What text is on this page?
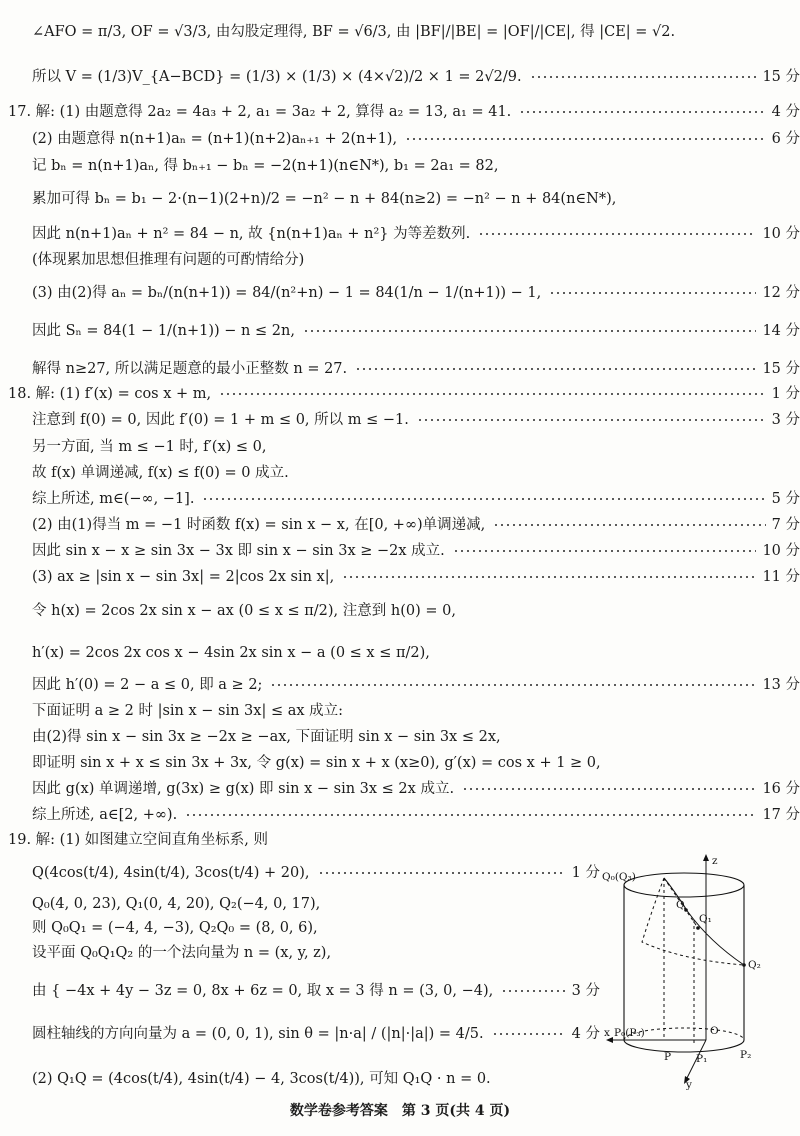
∠AFO = π/3, OF = √3/3, 由勾股定理得, BF = √6/3, 由 |BF|/|BE| = |OF|/|CE|, 得 |CE| = √2.
所以 V = (1/3)V_{A−BCD} = (1/3) × (1/3) × (4×√2)/2 × 1 = 2√2/9.	15 分
17. 解: (1) 由题意得 2a₂ = 4a₃ + 2, a₁ = 3a₂ + 2, 算得 a₂ = 13, a₁ = 41.	4 分
(2) 由题意得 n(n+1)aₙ = (n+1)(n+2)aₙ₊₁ + 2(n+1),	6 分
记 bₙ = n(n+1)aₙ, 得 bₙ₊₁ − bₙ = −2(n+1)(n∈N*), b₁ = 2a₁ = 82,
累加可得 bₙ = b₁ − 2·(n−1)(2+n)/2 = −n² − n + 84(n≥2) = −n² − n + 84(n∈N*),
因此 n(n+1)aₙ + n² = 84 − n, 故 {n(n+1)aₙ + n²} 为等差数列.	10 分
(体现累加思想但推理有问题的可酌情给分)
(3) 由(2)得 aₙ = bₙ/(n(n+1)) = 84/(n²+n) − 1 = 84(1/n − 1/(n+1)) − 1,	12 分
因此 Sₙ = 84(1 − 1/(n+1)) − n ≤ 2n,	14 分
解得 n≥27, 所以满足题意的最小正整数 n = 27.	15 分
18. 解: (1) f′(x) = cos x + m,	1 分
注意到 f(0) = 0, 因此 f′(0) = 1 + m ≤ 0, 所以 m ≤ −1.	3 分
另一方面, 当 m ≤ −1 时, f′(x) ≤ 0,
故 f(x) 单调递减, f(x) ≤ f(0) = 0 成立.
综上所述, m∈(−∞, −1].	5 分
(2) 由(1)得当 m = −1 时函数 f(x) = sin x − x, 在[0, +∞)单调递减,	7 分
因此 sin x − x ≥ sin 3x − 3x 即 sin x − sin 3x ≥ −2x 成立.	10 分
(3) ax ≥ |sin x − sin 3x| = 2|cos 2x sin x|,	11 分
令 h(x) = 2cos 2x sin x − ax (0 ≤ x ≤ π/2), 注意到 h(0) = 0,
h′(x) = 2cos 2x cos x − 4sin 2x sin x − a (0 ≤ x ≤ π/2),
因此 h′(0) = 2 − a ≤ 0, 即 a ≥ 2;	13 分
下面证明 a ≥ 2 时 |sin x − sin 3x| ≤ ax 成立:
由(2)得 sin x − sin 3x ≥ −2x ≥ −ax, 下面证明 sin x − sin 3x ≤ 2x,
即证明 sin x + x ≤ sin 3x + 3x, 令 g(x) = sin x + x (x≥0), g′(x) = cos x + 1 ≥ 0,
因此 g(x) 单调递增, g(3x) ≥ g(x) 即 sin x − sin 3x ≤ 2x 成立.	16 分
综上所述, a∈[2, +∞).	17 分
19. 解: (1) 如图建立空间直角坐标系, 则
Q(4cos(t/4), 4sin(t/4), 3cos(t/4) + 20),	1 分
Q₀(4, 0, 23), Q₁(0, 4, 20), Q₂(−4, 0, 17),
则 Q₀Q₁ = (−4, 4, −3), Q₂Q₀ = (8, 0, 6),
设平面 Q₀Q₁Q₂ 的一个法向量为 n = (x, y, z),
由 { −4x + 4y − 3z = 0, 8x + 6z = 0, 取 x = 3 得 n = (3, 0, −4),	3 分
圆柱轴线的方向向量为 a = (0, 0, 1), sin θ = |n·a| / (|n|·|a|) = 4/5.	4 分
(2) Q₁Q = (4cos(t/4), 4sin(t/4) − 4, 3cos(t/4)), 可知 Q₁Q · n = 0.
z
Q₀(Q₃)
Q
Q₁
Q₂
x P₀(P₃)	O
P P₁	P₂
y
数学卷参考答案　第 3 页(共 4 页)
